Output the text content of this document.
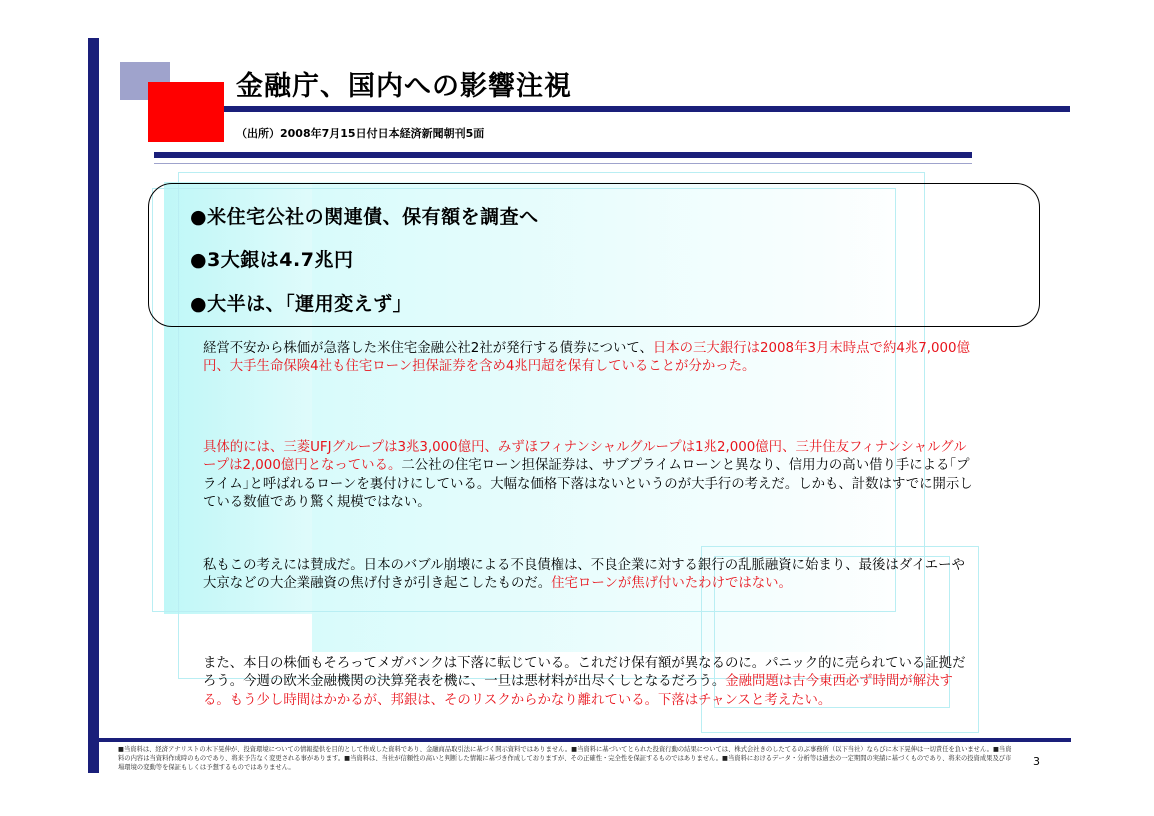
金融庁、国内への影響注視
（出所）2008年7月15日付日本経済新聞朝刊5面
●米住宅公社の関連債、保有額を調査へ
●3大銀は4.7兆円
●大半は、「運用変えず」
経営不安から株価が急落した米住宅金融公社2社が発行する債券について、日本の三大銀行は2008年3月末時点で約4兆7,000億円、大手生命保険4社も住宅ローン担保証券を含め4兆円超を保有していることが分かった。
具体的には、三菱UFJグループは3兆3,000億円、みずほフィナンシャルグループは1兆2,000億円、三井住友フィナンシャルグループは2,000億円となっている。二公社の住宅ローン担保証券は、サブプライムローンと異なり、信用力の高い借り手による｢プライム｣と呼ばれるローンを裏付けにしている。大幅な価格下落はないというのが大手行の考えだ。しかも、計数はすでに開示している数値であり驚く規模ではない。
私もこの考えには賛成だ。日本のバブル崩壊による不良債権は、不良企業に対する銀行の乱脈融資に始まり、最後はダイエーや大京などの大企業融資の焦げ付きが引き起こしたものだ。住宅ローンが焦げ付いたわけではない。
また、本日の株価もそろってメガバンクは下落に転じている。これだけ保有額が異なるのに。パニック的に売られている証拠だろう。今週の欧米金融機関の決算発表を機に、一旦は悪材料が出尽くしとなるだろう。金融問題は古今東西必ず時間が解決する。もう少し時間はかかるが、邦銀は、そのリスクからかなり離れている。下落はチャンスと考えたい。
■当資料は、経済アナリストの木下晃伸が、投資環境についての情報提供を目的として作成した資料であり、金融商品取引法に基づく開示資料ではありません。■当資料に基づいてとられた投資行動の結果については、株式会社きのしたてるのぶ事務所（以下当社）ならびに木下晃伸は一切責任を負いません。■当資料の内容は当資料作成時のものであり、将来予告なく変更される事があります。■当資料は、当社が信頼性の高いと判断した情報に基づき作成しておりますが、その正確性・完全性を保証するものではありません。■当資料におけるデータ・分析等は過去の一定期間の実績に基づくものであり、将来の投資成果及び市場環境の変動等を保証もしくは予想するものではありません。	3
